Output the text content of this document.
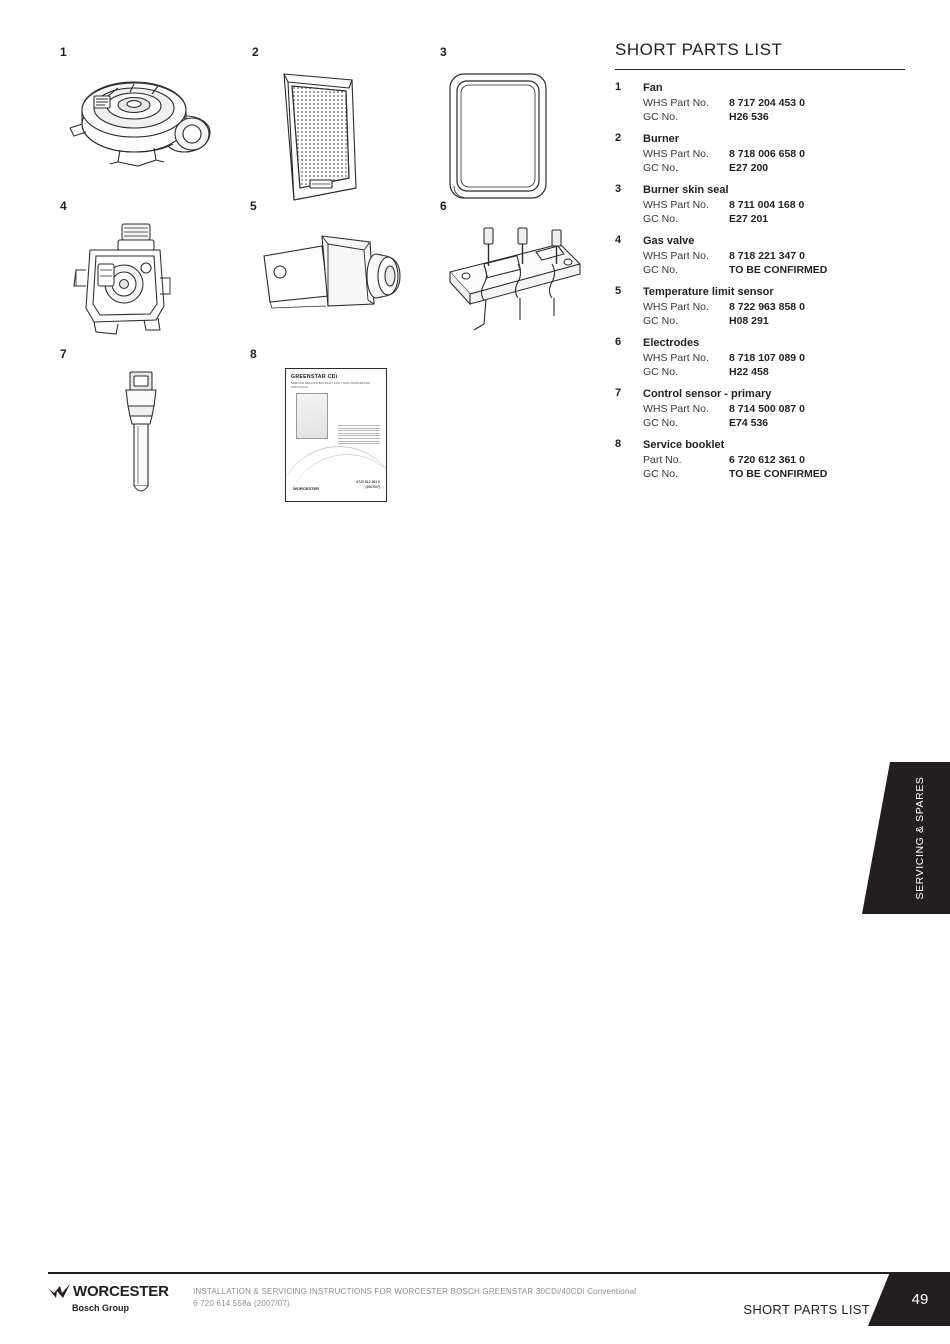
1	2	3
4	5	6
7	8
GREENSTAR CDi
SERVICE RECORD BOOKLET FOR YOUR WORCESTER APPLIANCE
WORCESTER
6720 612 361 0
(2007/07)
SHORT PARTS LIST
1 Fan
WHS Part No.	8 717 204 453 0
GC No.	H26 536
2 Burner
WHS Part No.	8 718 006 658 0
GC No.	E27 200
3 Burner skin seal
WHS Part No.	8 711 004 168 0
GC No.	E27 201
4 Gas valve
WHS Part No.	8 718 221 347 0
GC No.	TO BE CONFIRMED
5 Temperature limit sensor
WHS Part No.	8 722 963 858 0
GC No.	H08 291
6 Electrodes
WHS Part No.	8 718 107 089 0
GC No.	H22 458
7 Control sensor - primary
WHS Part No.	8 714 500 087 0
GC No.	E74 536
8 Service booklet
Part No.	6 720 612 361 0
GC No.	TO BE CONFIRMED
SERVICING

& SPARES
WORCESTER
Bosch Group
INSTALLATION & SERVICING INSTRUCTIONS FOR WORCESTER BOSCH GREENSTAR 30CDi/40CDi Conventional
6 720 614 558a (2007/07)	SHORT PARTS LIST
49
